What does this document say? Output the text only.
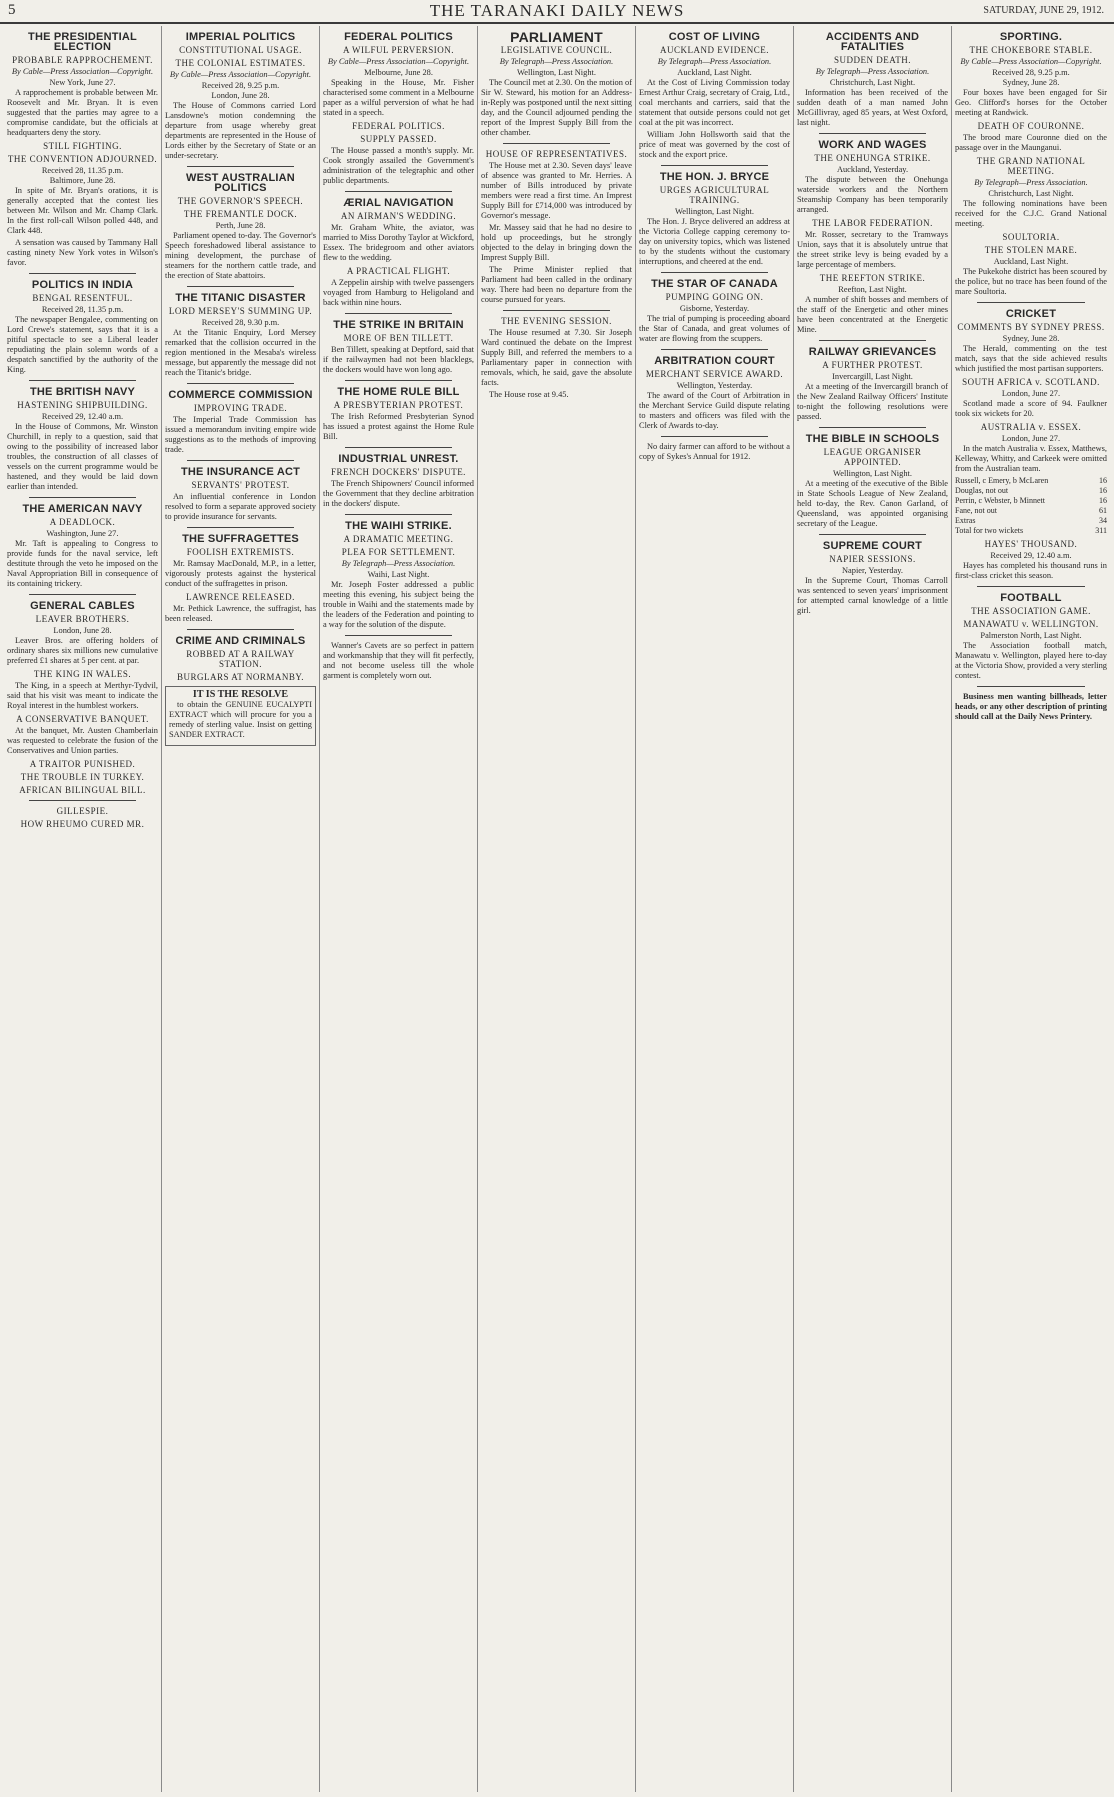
5	THE TARANAKI DAILY NEWS	SATURDAY, JUNE 29, 1912.
THE PRESIDENTIAL ELECTION
PROBABLE RAPPROCHEMENT.
By Cable—Press Association—Copyright.
New York, June 27.

A rapprochement is probable between Mr. Roosevelt and Mr. Bryan. It is even suggested that the parties may agree to a compromise candidate, but the officials at headquarters deny the story.

STILL FIGHTING.
THE CONVENTION ADJOURNED.
Received 28, 11.35 p.m.
Baltimore, June 28.

In spite of Mr. Bryan's orations, it is generally accepted that the contest lies between Mr. Wilson and Mr. Champ Clark. In the first roll-call Wilson polled 448, and Clark 448.

A sensation was caused by Tammany Hall casting ninety New York votes in Wilson's favor.

POLITICS IN INDIA
BENGAL RESENTFUL.
Received 28, 11.35 p.m.

The newspaper Bengalee, commenting on Lord Crewe's statement, says that it is a pitiful spectacle to see a Liberal leader repudiating the plain solemn words of a despatch sanctified by the authority of the King.

THE BRITISH NAVY
HASTENING SHIPBUILDING.
Received 29, 12.40 a.m.

In the House of Commons, Mr. Winston Churchill, in reply to a question, said that owing to the possibility of increased labor troubles, the construction of all classes of vessels on the current programme would be hastened, and they would be laid down earlier than intended.

THE AMERICAN NAVY
A DEADLOCK.
Washington, June 27.

Mr. Taft is appealing to Congress to provide funds for the naval service, left destitute through the veto he imposed on the Naval Appropriation Bill in consequence of its containing trickery.

GENERAL CABLES
LEAVER BROTHERS.
London, June 28.

Leaver Bros. are offering holders of ordinary shares six millions new cumulative preferred £1 shares at 5 per cent. at par.

THE KING IN WALES.

The King, in a speech at Merthyr-Tydvil, said that his visit was meant to indicate the Royal interest in the humblest workers.

A CONSERVATIVE BANQUET.

At the banquet, Mr. Austen Chamberlain was requested to celebrate the fusion of the Conservatives and Union parties.

A TRAITOR PUNISHED.
THE TROUBLE IN TURKEY.
AFRICAN BILINGUAL BILL.
GILLESPIE.
HOW RHEUMO CURED MR.
IMPERIAL POLITICS
CONSTITUTIONAL USAGE.
THE COLONIAL ESTIMATES.
By Cable—Press Association—Copyright.
Received 28, 9.25 p.m.
London, June 28.

The House of Commons carried Lord Lansdowne's motion condemning the departure from usage whereby great departments are represented in the House of Lords either by the Secretary of State or an under-secretary.

WEST AUSTRALIAN POLITICS
THE GOVERNOR'S SPEECH.
THE FREMANTLE DOCK.
Perth, June 28.

Parliament opened to-day. The Governor's Speech foreshadowed liberal assistance to mining development, the purchase of steamers for the northern cattle trade, and the erection of State abattoirs.

THE TITANIC DISASTER
LORD MERSEY'S SUMMING UP.
Received 28, 9.30 p.m.

At the Titanic Enquiry, Lord Mersey remarked that the collision occurred in the region mentioned in the Mesaba's wireless message, but apparently the message did not reach the Titanic's bridge.

COMMERCE COMMISSION
IMPROVING TRADE.

The Imperial Trade Commission has issued a memorandum inviting empire wide suggestions as to the methods of improving trade.

THE INSURANCE ACT
SERVANTS' PROTEST.

An influential conference in London resolved to form a separate approved society to provide insurance for servants.

THE SUFFRAGETTES
FOOLISH EXTREMISTS.

Mr. Ramsay MacDonald, M.P., in a letter, vigorously protests against the hysterical conduct of the suffragettes in prison.

LAWRENCE RELEASED.

Mr. Pethick Lawrence, the suffragist, has been released.

CRIME AND CRIMINALS
ROBBED AT A RAILWAY STATION.
BURGLARS AT NORMANBY.
IT IS THE RESOLVE

to obtain the GENUINE EUCALYPTI EXTRACT which will procure for you a remedy of sterling value. Insist on getting SANDER EXTRACT.

FEDERAL POLITICS
A WILFUL PERVERSION.
By Cable—Press Association—Copyright.
Melbourne, June 28.

Speaking in the House, Mr. Fisher characterised some comment in a Melbourne paper as a wilful perversion of what he had stated in a speech.

FEDERAL POLITICS.
SUPPLY PASSED.

The House passed a month's supply. Mr. Cook strongly assailed the Government's administration of the telegraphic and other public departments.

ÆRIAL NAVIGATION
AN AIRMAN'S WEDDING.

Mr. Graham White, the aviator, was married to Miss Dorothy Taylor at Wickford, Essex. The bridegroom and other aviators flew to the wedding.

A PRACTICAL FLIGHT.

A Zeppelin airship with twelve passengers voyaged from Hamburg to Heligoland and back within nine hours.

THE STRIKE IN BRITAIN
MORE OF BEN TILLETT.

Ben Tillett, speaking at Deptford, said that if the railwaymen had not been blacklegs, the dockers would have won long ago.

THE HOME RULE BILL
A PRESBYTERIAN PROTEST.

The Irish Reformed Presbyterian Synod has issued a protest against the Home Rule Bill.

INDUSTRIAL UNREST.
FRENCH DOCKERS' DISPUTE.

The French Shipowners' Council informed the Government that they decline arbitration in the dockers' dispute.

THE WAIHI STRIKE.
A DRAMATIC MEETING.
PLEA FOR SETTLEMENT.
By Telegraph—Press Association.
Waihi, Last Night.

Mr. Joseph Foster addressed a public meeting this evening, his subject being the trouble in Waihi and the statements made by the leaders of the Federation and pointing to a way for the solution of the dispute.

Wanner's Cavets are so perfect in pattern and workmanship that they will fit perfectly, and not become useless till the whole garment is completely worn out.

PARLIAMENT
LEGISLATIVE COUNCIL.
By Telegraph—Press Association.
Wellington, Last Night.

The Council met at 2.30. On the motion of Sir W. Steward, his motion for an Address-in-Reply was postponed until the next sitting day, and the Council adjourned pending the report of the Imprest Supply Bill from the other chamber.

HOUSE OF REPRESENTATIVES.

The House met at 2.30. Seven days' leave of absence was granted to Mr. Herries. A number of Bills introduced by private members were read a first time. An Imprest Supply Bill for £714,000 was introduced by Governor's message.

Mr. Massey said that he had no desire to hold up proceedings, but he strongly objected to the delay in bringing down the Imprest Supply Bill.

The Prime Minister replied that Parliament had been called in the ordinary way. There had been no departure from the course pursued for years.

THE EVENING SESSION.

The House resumed at 7.30. Sir Joseph Ward continued the debate on the Imprest Supply Bill, and referred the members to a Parliamentary paper in connection with removals, which, he said, gave the absolute facts.

The House rose at 9.45.

COST OF LIVING
AUCKLAND EVIDENCE.
By Telegraph—Press Association.
Auckland, Last Night.

At the Cost of Living Commission today Ernest Arthur Craig, secretary of Craig, Ltd., coal merchants and carriers, said that the statement that outside persons could not get coal at the pit was incorrect.

William John Hollsworth said that the price of meat was governed by the cost of stock and the export price.

THE HON. J. BRYCE
URGES AGRICULTURAL TRAINING.
Wellington, Last Night.

The Hon. J. Bryce delivered an address at the Victoria College capping ceremony to-day on university topics, which was listened to by the students without the customary interruptions, and cheered at the end.

THE STAR OF CANADA
PUMPING GOING ON.
Gisborne, Yesterday.

The trial of pumping is proceeding aboard the Star of Canada, and great volumes of water are flowing from the scuppers.

ARBITRATION COURT
MERCHANT SERVICE AWARD.
Wellington, Yesterday.

The award of the Court of Arbitration in the Merchant Service Guild dispute relating to masters and officers was filed with the Clerk of Awards to-day.

No dairy farmer can afford to be without a copy of Sykes's Annual for 1912.

ACCIDENTS AND FATALITIES
SUDDEN DEATH.
By Telegraph—Press Association.
Christchurch, Last Night.

Information has been received of the sudden death of a man named John McGillivray, aged 85 years, at West Oxford, last night.

WORK AND WAGES
THE ONEHUNGA STRIKE.
Auckland, Yesterday.

The dispute between the Onehunga waterside workers and the Northern Steamship Company has been temporarily arranged.

THE LABOR FEDERATION.

Mr. Rosser, secretary to the Tramways Union, says that it is absolutely untrue that the street strike levy is being evaded by a large percentage of members.

THE REEFTON STRIKE.
Reefton, Last Night.

A number of shift bosses and members of the staff of the Energetic and other mines have been concentrated at the Energetic Mine.

RAILWAY GRIEVANCES
A FURTHER PROTEST.
Invercargill, Last Night.

At a meeting of the Invercargill branch of the New Zealand Railway Officers' Institute to-night the following resolutions were passed.

THE BIBLE IN SCHOOLS
LEAGUE ORGANISER APPOINTED.
Wellington, Last Night.

At a meeting of the executive of the Bible in State Schools League of New Zealand, held to-day, the Rev. Canon Garland, of Queensland, was appointed organising secretary of the League.

SUPREME COURT
NAPIER SESSIONS.
Napier, Yesterday.

In the Supreme Court, Thomas Carroll was sentenced to seven years' imprisonment for attempted carnal knowledge of a little girl.

SPORTING.
THE CHOKEBORE STABLE.
By Cable—Press Association—Copyright.
Received 28, 9.25 p.m.
Sydney, June 28.

Four boxes have been engaged for Sir Geo. Clifford's horses for the October meeting at Randwick.

DEATH OF COURONNE.

The brood mare Couronne died on the passage over in the Maunganui.

THE GRAND NATIONAL MEETING.
By Telegraph—Press Association.
Christchurch, Last Night.

The following nominations have been received for the C.J.C. Grand National meeting.

SOULTORIA.
THE STOLEN MARE.
Auckland, Last Night.

The Pukekohe district has been scoured by the police, but no trace has been found of the mare Soultoria.

CRICKET
COMMENTS BY SYDNEY PRESS.
Sydney, June 28.

The Herald, commenting on the test match, says that the side achieved results which justified the most partisan supporters.

SOUTH AFRICA v. SCOTLAND.
London, June 27.

Scotland made a score of 94. Faulkner took six wickets for 20.

AUSTRALIA v. ESSEX.
London, June 27.

In the match Australia v. Essex, Matthews, Kelleway, Whitty, and Carkeek were omitted from the Australian team.

Russell, c Emery, b McLaren	16
Douglas, not out	16
Perrin, c Webster, b Minnett	16
Fane, not out	61
Extras	34
Total for two wickets	311
HAYES' THOUSAND.
Received 29, 12.40 a.m.

Hayes has completed his thousand runs in first-class cricket this season.

FOOTBALL
THE ASSOCIATION GAME.
MANAWATU v. WELLINGTON.
Palmerston North, Last Night.

The Association football match, Manawatu v. Wellington, played here to-day at the Victoria Show, provided a very sterling contest.

Business men wanting billheads, letter heads, or any other description of printing should call at the Daily News Printery.
